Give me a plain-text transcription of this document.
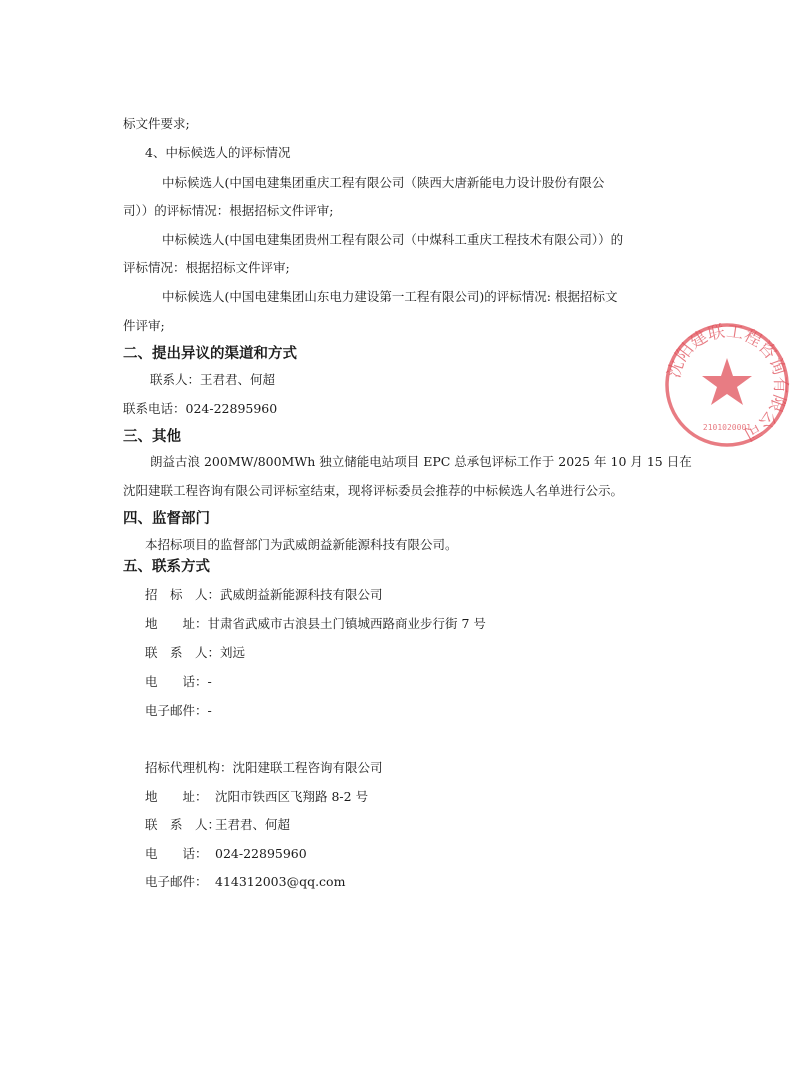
标文件要求;
4、中标候选人的评标情况
中标候选人(中国电建集团重庆工程有限公司（陕西大唐新能电力设计股份有限公
司））的评标情况：根据招标文件评审;
中标候选人(中国电建集团贵州工程有限公司（中煤科工重庆工程技术有限公司））的
评标情况：根据招标文件评审;
中标候选人(中国电建集团山东电力建设第一工程有限公司)的评标情况: 根据招标文
件评审;
二、提出异议的渠道和方式
联系人：王君君、何超
联系电话：024-22895960
三、其他
朗益古浪 200MW/800MWh 独立储能电站项目 EPC 总承包评标工作于 2025 年 10 月 15 日在
沈阳建联工程咨询有限公司评标室结束，现将评标委员会推荐的中标候选人名单进行公示。
四、监督部门
本招标项目的监督部门为武威朗益新能源科技有限公司。
五、联系方式
招　标　人：武威朗益新能源科技有限公司
地　　址：甘肃省武威市古浪县土门镇城西路商业步行街 7 号
联　系　人：刘远
电　　话：-
电子邮件：-
招标代理机构：沈阳建联工程咨询有限公司
地　　址： 沈阳市铁西区飞翔路 8-2 号
联　系　人：王君君、何超
电　　话： 024-22895960
电子邮件： 414312003@qq.com
沈阳建联工程咨询有限公司
2101020001
